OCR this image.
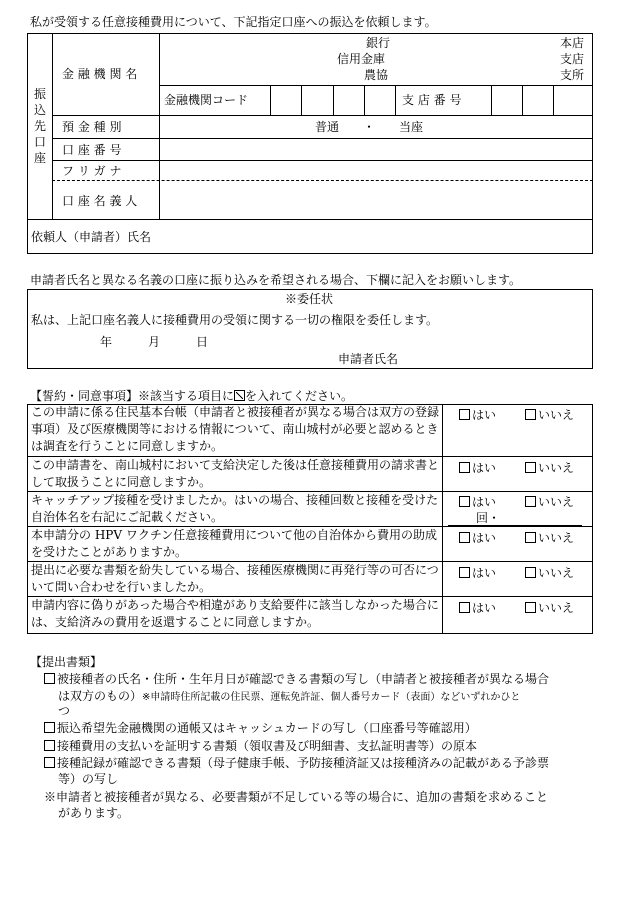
私が受領する任意接種費用について、下記指定口座への振込を依頼します。
振
込
先
口
座
金 融 機 関 名
銀行
信用金庫
農協
本店
支店
支所
金融機関コード	支 店 番 号
預 金 種 別	普通　　・　　当座
口 座 番 号
フ リ ガ ナ
口 座 名 義 人
依頼人（申請者）氏名
申請者氏名と異なる名義の口座に振り込みを希望される場合、下欄に記入をお願いします。
※委任状
私は、上記口座名義人に接種費用の受領に関する一切の権限を委任します。
年　　　月　　　日
申請者氏名
【誓約・同意事項】※該当する項目に を入れてください。
この申請に係る住民基本台帳（申請者と被接種者が異なる場合は双方の登録事項）及び医療機関等における情報について、南山城村が必要と認めるときは調査を行うことに同意しますか。
はい	いいえ
この申請書を、南山城村において支給決定した後は任意接種費用の請求書として取扱うことに同意しますか。
はい	いいえ
キャッチアップ接種を受けましたか。はいの場合、接種回数と接種を受けた自治体名を右記にご記載ください。
はい	いいえ
回・
本申請分の HPV ワクチン任意接種費用について他の自治体から費用の助成を受けたことがありますか。
はい	いいえ
提出に必要な書類を紛失している場合、接種医療機関に再発行等の可否について問い合わせを行いましたか。
はい	いいえ
申請内容に偽りがあった場合や相違があり支給要件に該当しなかった場合には、支給済みの費用を返還することに同意しますか。
はい	いいえ
【提出書類】
被接種者の氏名・住所・生年月日が確認できる書類の写し（申請者と被接種者が異なる場合
は双方のもの）※申請時住所記載の住民票、運転免許証、個人番号カード（表面）などいずれかひと
つ
振込希望先金融機関の通帳又はキャッシュカードの写し（口座番号等確認用）
接種費用の支払いを証明する書類（領収書及び明細書、支払証明書等）の原本
接種記録が確認できる書類（母子健康手帳、予防接種済証又は接種済みの記載がある予診票
等）の写し
※申請者と被接種者が異なる、必要書類が不足している等の場合に、追加の書類を求めること
があります。
